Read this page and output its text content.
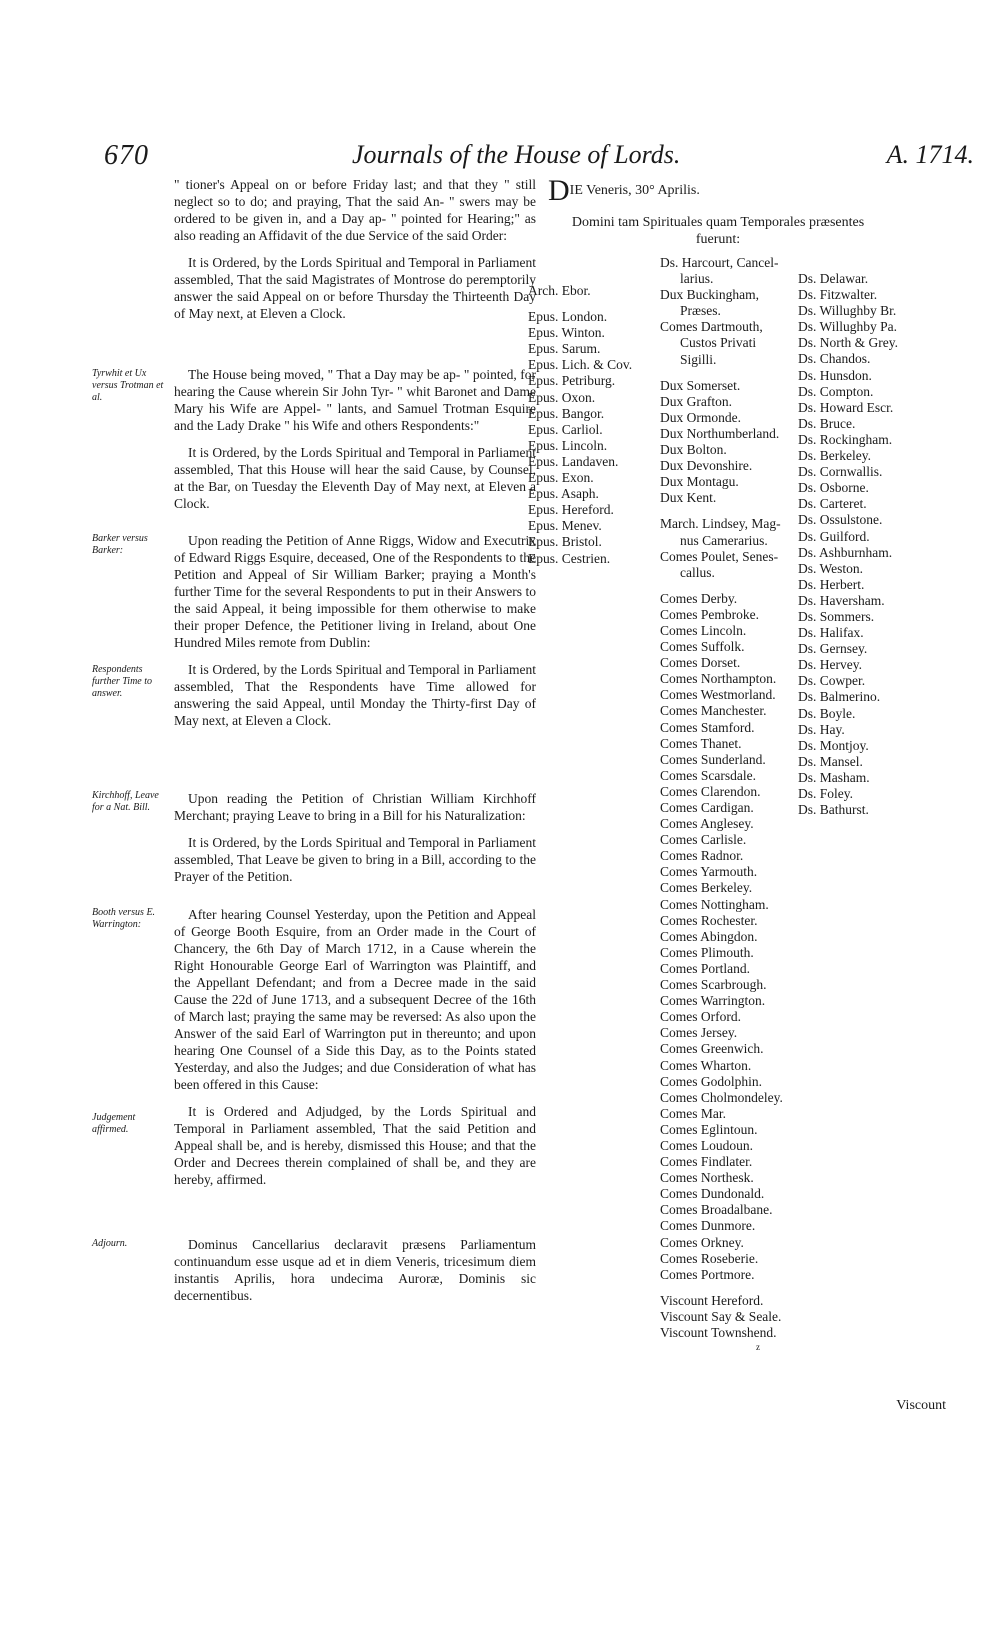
670	Journals of the House of Lords.	A. 1714.
Tyrwhit et Ux versus Trotman et al.
Barker versus Barker:
Respondents further Time to answer.
Kirchhoff, Leave for a Nat. Bill.
Booth versus E. Warrington:
Judgement affirmed.
Adjourn.

" tioner's Appeal on or before Friday last; and that they " still neglect so to do; and praying, That the said An- " swers may be ordered to be given in, and a Day ap- " pointed for Hearing;" as also reading an Affidavit of the due Service of the said Order:

It is Ordered, by the Lords Spiritual and Temporal in Parliament assembled, That the said Magistrates of Montrose do peremptorily answer the said Appeal on or before Thursday the Thirteenth Day of May next, at Eleven a Clock.

The House being moved, " That a Day may be ap- " pointed, for hearing the Cause wherein Sir John Tyr- " whit Baronet and Dame Mary his Wife are Appel- " lants, and Samuel Trotman Esquire and the Lady Drake " his Wife and others Respondents:"

It is Ordered, by the Lords Spiritual and Temporal in Parliament assembled, That this House will hear the said Cause, by Counsel, at the Bar, on Tuesday the Eleventh Day of May next, at Eleven a Clock.

Upon reading the Petition of Anne Riggs, Widow and Executrix of Edward Riggs Esquire, deceased, One of the Respondents to the Petition and Appeal of Sir William Barker; praying a Month's further Time for the several Respondents to put in their Answers to the said Appeal, it being impossible for them otherwise to make their proper Defence, the Petitioner living in Ireland, about One Hundred Miles remote from Dublin:

It is Ordered, by the Lords Spiritual and Temporal in Parliament assembled, That the Respondents have Time allowed for answering the said Appeal, until Monday the Thirty-first Day of May next, at Eleven a Clock.

Upon reading the Petition of Christian William Kirchhoff Merchant; praying Leave to bring in a Bill for his Naturalization:

It is Ordered, by the Lords Spiritual and Temporal in Parliament assembled, That Leave be given to bring in a Bill, according to the Prayer of the Petition.

After hearing Counsel Yesterday, upon the Petition and Appeal of George Booth Esquire, from an Order made in the Court of Chancery, the 6th Day of March 1712, in a Cause wherein the Right Honourable George Earl of Warrington was Plaintiff, and the Appellant Defendant; and from a Decree made in the said Cause the 22d of June 1713, and a subsequent Decree of the 16th of March last; praying the same may be reversed: As also upon the Answer of the said Earl of Warrington put in thereunto; and upon hearing One Counsel of a Side this Day, as to the Points stated Yesterday, and also the Judges; and due Consideration of what has been offered in this Cause:

It is Ordered and Adjudged, by the Lords Spiritual and Temporal in Parliament assembled, That the said Petition and Appeal shall be, and is hereby, dismissed this House; and that the Order and Decrees therein complained of shall be, and they are hereby, affirmed.

Dominus Cancellarius declaravit præsens Parliamentum continuandum esse usque ad et in diem Veneris, tricesimum diem instantis Aprilis, hora undecima Auroræ, Dominis sic decernentibus.

DIE Veneris, 30° Aprilis.
Domini tam Spirituales quam Temporales præsentes fuerunt:
Arch. Ebor.
Epus. London.
Epus. Winton.
Epus. Sarum.
Epus. Lich. & Cov.
Epus. Petriburg.
Epus. Oxon.
Epus. Bangor.
Epus. Carliol.
Epus. Lincoln.
Epus. Landaven.
Epus. Exon.
Epus. Asaph.
Epus. Hereford.
Epus. Menev.
Epus. Bristol.
Epus. Cestrien.
Ds. Harcourt, Cancel-
larius.
Dux Buckingham,
Præses.
Comes Dartmouth,
Custos Privati
Sigilli.
Dux Somerset.
Dux Grafton.
Dux Ormonde.
Dux Northumberland.
Dux Bolton.
Dux Devonshire.
Dux Montagu.
Dux Kent.
March. Lindsey, Mag-
nus Camerarius.
Comes Poulet, Senes-
callus.
Comes Derby.
Comes Pembroke.
Comes Lincoln.
Comes Suffolk.
Comes Dorset.
Comes Northampton.
Comes Westmorland.
Comes Manchester.
Comes Stamford.
Comes Thanet.
Comes Sunderland.
Comes Scarsdale.
Comes Clarendon.
Comes Cardigan.
Comes Anglesey.
Comes Carlisle.
Comes Radnor.
Comes Yarmouth.
Comes Berkeley.
Comes Nottingham.
Comes Rochester.
Comes Abingdon.
Comes Plimouth.
Comes Portland.
Comes Scarbrough.
Comes Warrington.
Comes Orford.
Comes Jersey.
Comes Greenwich.
Comes Wharton.
Comes Godolphin.
Comes Cholmondeley.
Comes Mar.
Comes Eglintoun.
Comes Loudoun.
Comes Findlater.
Comes Northesk.
Comes Dundonald.
Comes Broadalbane.
Comes Dunmore.
Comes Orkney.
Comes Roseberie.
Comes Portmore.
Viscount Hereford.
Viscount Say & Seale.
Viscount Townshend.
Ds. Delawar.
Ds. Fitzwalter.
Ds. Willughby Br.
Ds. Willughby Pa.
Ds. North & Grey.
Ds. Chandos.
Ds. Hunsdon.
Ds. Compton.
Ds. Howard Escr.
Ds. Bruce.
Ds. Rockingham.
Ds. Berkeley.
Ds. Cornwallis.
Ds. Osborne.
Ds. Carteret.
Ds. Ossulstone.
Ds. Guilford.
Ds. Ashburnham.
Ds. Weston.
Ds. Herbert.
Ds. Haversham.
Ds. Sommers.
Ds. Halifax.
Ds. Gernsey.
Ds. Hervey.
Ds. Cowper.
Ds. Balmerino.
Ds. Boyle.
Ds. Hay.
Ds. Montjoy.
Ds. Mansel.
Ds. Masham.
Ds. Foley.
Ds. Bathurst.
z
Viscount
